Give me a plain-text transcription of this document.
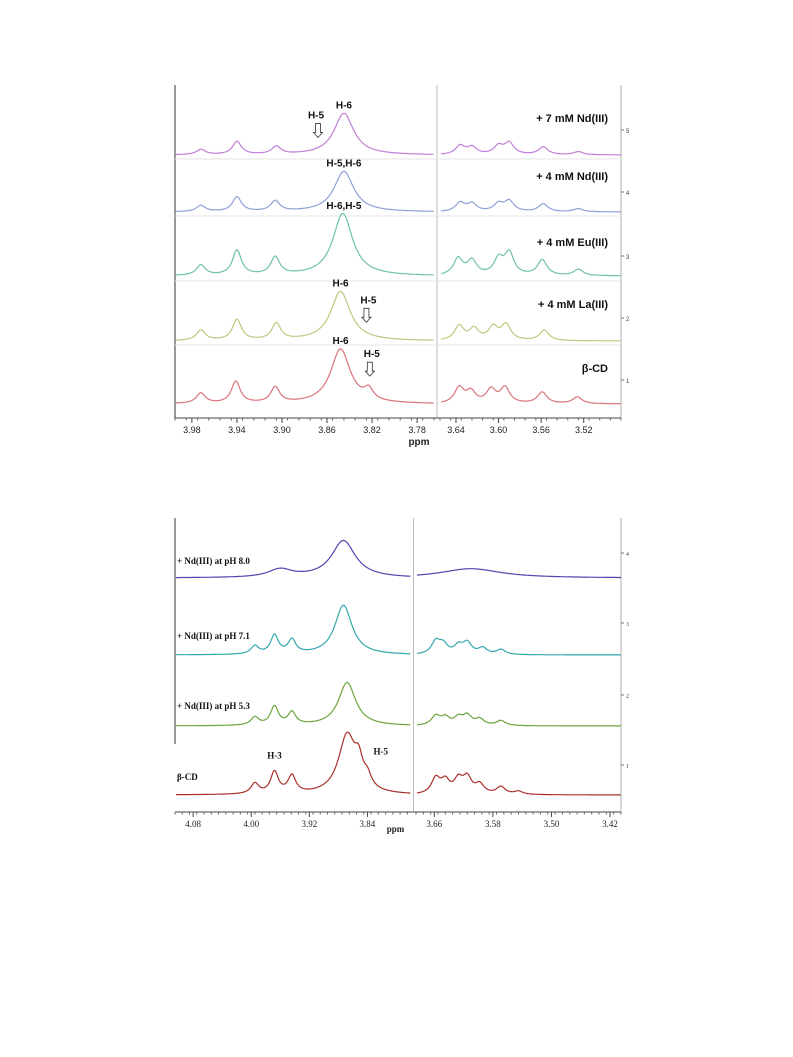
3.98	3.94	3.90	3.86	3.82	3.78 3.64	3.60	3.56	3.52
ppm
1
2
3
4
5
β-CD
H-6
H-5
+ 4 mM La(III)
H-6
H-5
+ 4 mM Eu(III)
H-6,H-5
+ 4 mM Nd(III)
H-5,H-6
+ 7 mM Nd(III)
H-6
H-5
4.08	4.00	3.92	3.84	3.66	3.58	3.50	3.42
ppm
1
2
3
4
β-CD
H-3	H-5
+ Nd(III) at pH 5.3
+ Nd(III) at pH 7.1
+ Nd(III) at pH 8.0
